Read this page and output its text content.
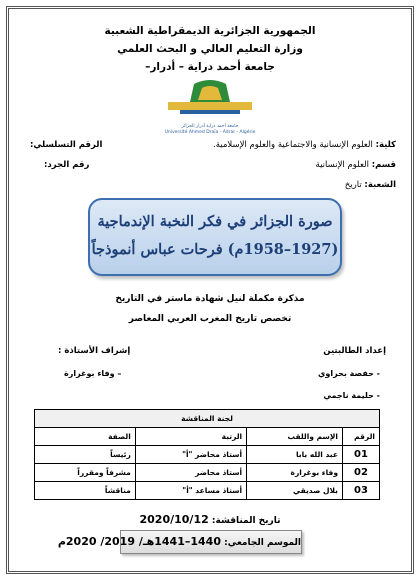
الجمهورية الجزائرية الديمقراطية الشعبية
وزارة التعليم العالي و البحث العلمي
جامعة أحمد دراية – أدرار–
جامعة أحمد دراية أدرار الجزائر
Université Ahmed Draïa - Adrar - Algérie
كلية: العلوم الإنسانية والاجتماعية والعلوم الإسلامية.
الرقم التسلسلي:
قسم: العلوم الإنسانية
رقم الجرد:
الشعبة: تاريخ
صورة الجزائر في فكر النخبة الإندماجية
(1927–1958م) فرحات عباس أنموذجاً
مذكرة مكملة لنيل شهادة ماستر في التاريخ
تخصص تاريخ المغرب العربي المعاصر
إعداد الطالبتين
إشراف الأستاذة :
- حفصة بحراوي
– وفاء بوغرارة
- حليمة ناجمي
لجنة المناقشة			
الرقم	الإسم واللقب	الرتبة	الصفة
01	عبد الله بابا	أستاذ محاضر "أ"	رئيساً
02	وفاء بوغرارة	أستاذ محاضر	مشرفاً ومقرراً
03	بلال صديقي	أستاذ مساعد "أ"	مناقشاً
تاريخ المناقشة: 2020/10/12
الموسم الجامعي: 1440–1441هـ/ 2019/ 2020م
